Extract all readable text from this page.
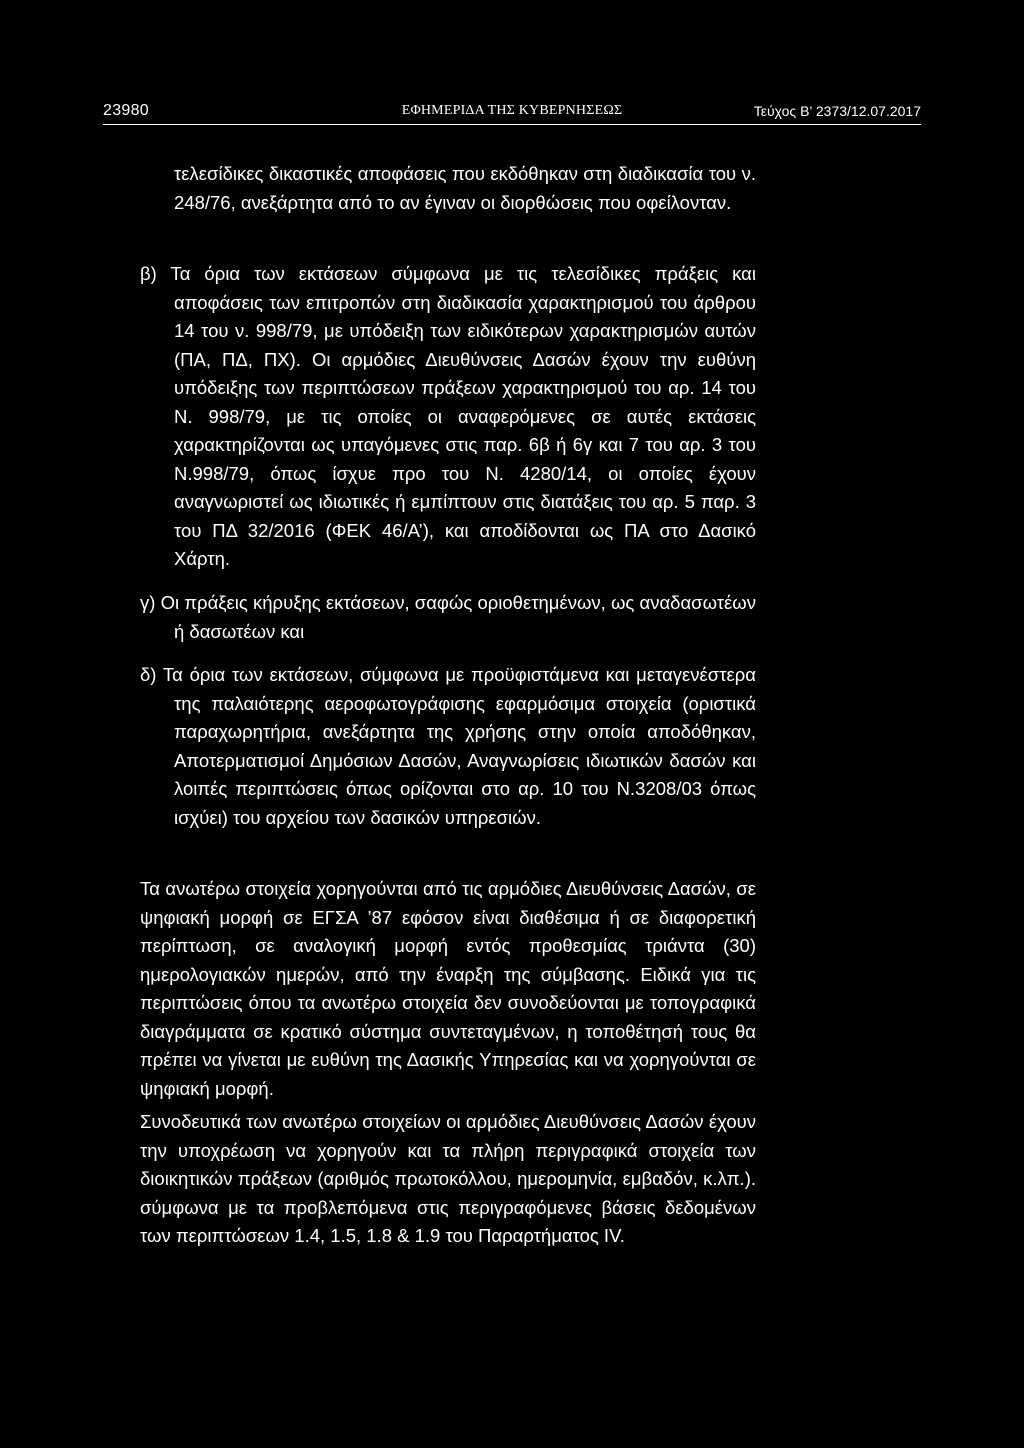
23980	ΕΦΗΜΕΡΙΔΑ ΤΗΣ ΚΥΒΕΡΝΗΣΕΩΣ	Τεύχος Β’ 2373/12.07.2017

τελεσίδικες δικαστικές αποφάσεις που εκδόθηκαν στη διαδικασία του ν. 248/76, ανεξάρτητα από το αν έγιναν οι διορθώσεις που οφείλονταν.

β) Τα όρια των εκτάσεων σύμφωνα με τις τελεσίδικες πράξεις και αποφάσεις των επιτροπών στη διαδικασία χαρακτηρισμού του άρθρου 14 του ν. 998/79, με υπόδειξη των ειδικότερων χαρακτηρισμών αυτών (ΠΑ, ΠΔ, ΠΧ). Οι αρμόδιες Διευθύνσεις Δασών έχουν την ευθύνη υπόδειξης των περιπτώσεων πράξεων χαρακτηρισμού του αρ. 14 του Ν. 998/79, με τις οποίες οι αναφερόμενες σε αυτές εκτάσεις χαρακτηρίζονται ως υπαγόμενες στις παρ. 6β ή 6γ και 7 του αρ. 3 του Ν.998/79, όπως ίσχυε προ του Ν. 4280/14, οι οποίες έχουν αναγνωριστεί ως ιδιωτικές ή εμπίπτουν στις διατάξεις του αρ. 5 παρ. 3 του ΠΔ 32/2016 (ΦΕΚ 46/Α’), και αποδίδονται ως ΠΑ στο Δασικό Χάρτη.

γ) Οι πράξεις κήρυξης εκτάσεων, σαφώς οριοθετημένων, ως αναδασωτέων ή δασωτέων και

δ) Τα όρια των εκτάσεων, σύμφωνα με προϋφιστάμενα και μεταγενέστερα της παλαιότερης αεροφωτογράφισης εφαρμόσιμα στοιχεία (οριστικά παραχωρητήρια, ανεξάρτητα της χρήσης στην οποία αποδόθηκαν, Αποτερματισμοί Δημόσιων Δασών, Αναγνωρίσεις ιδιωτικών δασών και λοιπές περιπτώσεις όπως ορίζονται στο αρ. 10 του Ν.3208/03 όπως ισχύει) του αρχείου των δασικών υπηρεσιών.

Τα ανωτέρω στοιχεία χορηγούνται από τις αρμόδιες Διευθύνσεις Δασών, σε ψηφιακή μορφή σε ΕΓΣΑ ’87 εφόσον είναι διαθέσιμα ή σε διαφορετική περίπτωση, σε αναλογική μορφή εντός προθεσμίας τριάντα (30) ημερολογιακών ημερών, από την έναρξη της σύμβασης. Ειδικά για τις περιπτώσεις όπου τα ανωτέρω στοιχεία δεν συνοδεύονται με τοπογραφικά διαγράμματα σε κρατικό σύστημα συντεταγμένων, η τοποθέτησή τους θα πρέπει να γίνεται με ευθύνη της Δασικής Υπηρεσίας και να χορηγούνται σε ψηφιακή μορφή.

Συνοδευτικά των ανωτέρω στοιχείων οι αρμόδιες Διευθύνσεις Δασών έχουν την υποχρέωση να χορηγούν και τα πλήρη περιγραφικά στοιχεία των διοικητικών πράξεων (αριθμός πρωτοκόλλου, ημερομηνία, εμβαδόν, κ.λπ.). σύμφωνα με τα προβλεπόμενα στις περιγραφόμενες βάσεις δεδομένων των περιπτώσεων 1.4, 1.5, 1.8 & 1.9 του Παραρτήματος IV.
